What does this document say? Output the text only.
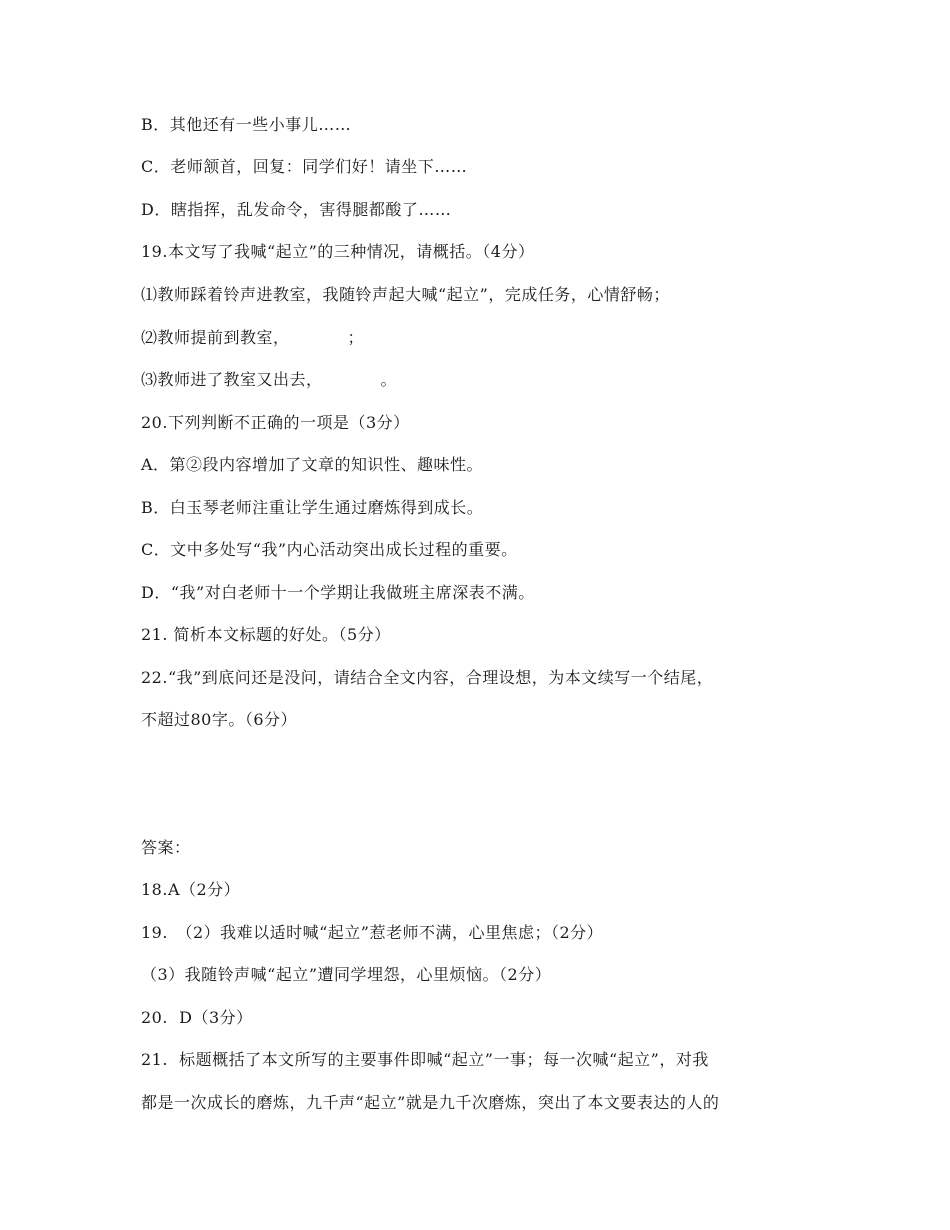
B．其他还有一些小事儿……
C．老师颔首，回复：同学们好！请坐下……
D．瞎指挥，乱发命令，害得腿都酸了……
19.本文写了我喊“起立”的三种情况，请概括。（4分）
⑴教师踩着铃声进教室，我随铃声起大喊“起立”，完成任务，心情舒畅；
⑵教师提前到教室，　　　　；
⑶教师进了教室又出去，　　　　。
20.下列判断不正确的一项是（3分）
A．第②段内容增加了文章的知识性、趣味性。
B．白玉琴老师注重让学生通过磨炼得到成长。
C．文中多处写“我”内心活动突出成长过程的重要。
D．“我”对白老师十一个学期让我做班主席深表不满。
21. 简析本文标题的好处。（5分）
22.“我”到底问还是没问，请结合全文内容，合理设想，为本文续写一个结尾，
不超过80字。（6分）
答案：
18.A（2分）
19.　（2）我难以适时喊“起立”惹老师不满，心里焦虑；（2分）
（3）我随铃声喊“起立”遭同学埋怨，心里烦恼。（2分）
20.  D（3分）
21.  标题概括了本文所写的主要事件即喊“起立”一事；每一次喊“起立”，对我
都是一次成长的磨炼，九千声“起立”就是九千次磨炼，突出了本文要表达的人的
